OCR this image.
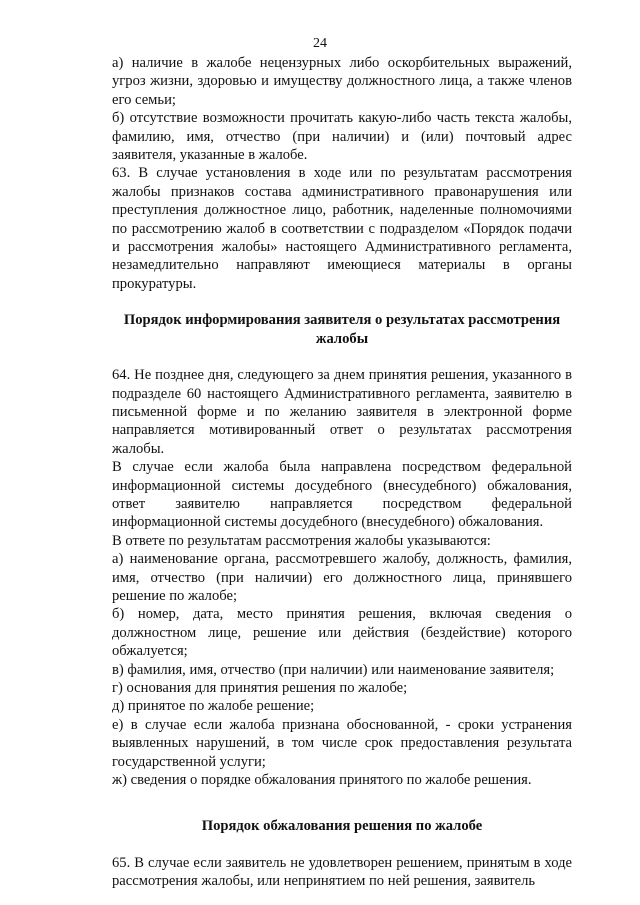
24

а) наличие в жалобе нецензурных либо оскорбительных выражений, угроз жизни, здоровью и имуществу должностного лица, а также членов его семьи;

б) отсутствие возможности прочитать какую-либо часть текста жалобы, фамилию, имя, отчество (при наличии) и (или) почтовый адрес заявителя, указанные в жалобе.

63. В случае установления в ходе или по результатам рассмотрения жалобы признаков состава административного правонарушения или преступления должностное лицо, работник, наделенные полномочиями по рассмотрению жалоб в соответствии с подразделом «Порядок подачи и рассмотрения жалобы» настоящего Административного регламента, незамедлительно направляют имеющиеся материалы в органы прокуратуры.

Порядок информирования заявителя о результатах рассмотрения жалобы

64. Не позднее дня, следующего за днем принятия решения, указанного в подразделе 60 настоящего Административного регламента, заявителю в письменной форме и по желанию заявителя в электронной форме направляется мотивированный ответ о результатах рассмотрения жалобы.

В случае если жалоба была направлена посредством федеральной информационной системы досудебного (внесудебного) обжалования, ответ заявителю направляется посредством федеральной информационной системы досудебного (внесудебного) обжалования.

В ответе по результатам рассмотрения жалобы указываются:

а) наименование органа, рассмотревшего жалобу, должность, фамилия, имя, отчество (при наличии) его должностного лица, принявшего решение по жалобе;

б) номер, дата, место принятия решения, включая сведения о должностном лице, решение или действия (бездействие) которого обжалуется;

в) фамилия, имя, отчество (при наличии) или наименование заявителя;

г) основания для принятия решения по жалобе;

д) принятое по жалобе решение;

е) в случае если жалоба признана обоснованной, - сроки устранения выявленных нарушений, в том числе срок предоставления результата государственной услуги;

ж) сведения о порядке обжалования принятого по жалобе решения.

Порядок обжалования решения по жалобе

65. В случае если заявитель не удовлетворен решением, принятым в ходе рассмотрения жалобы, или непринятием по ней решения, заявитель
